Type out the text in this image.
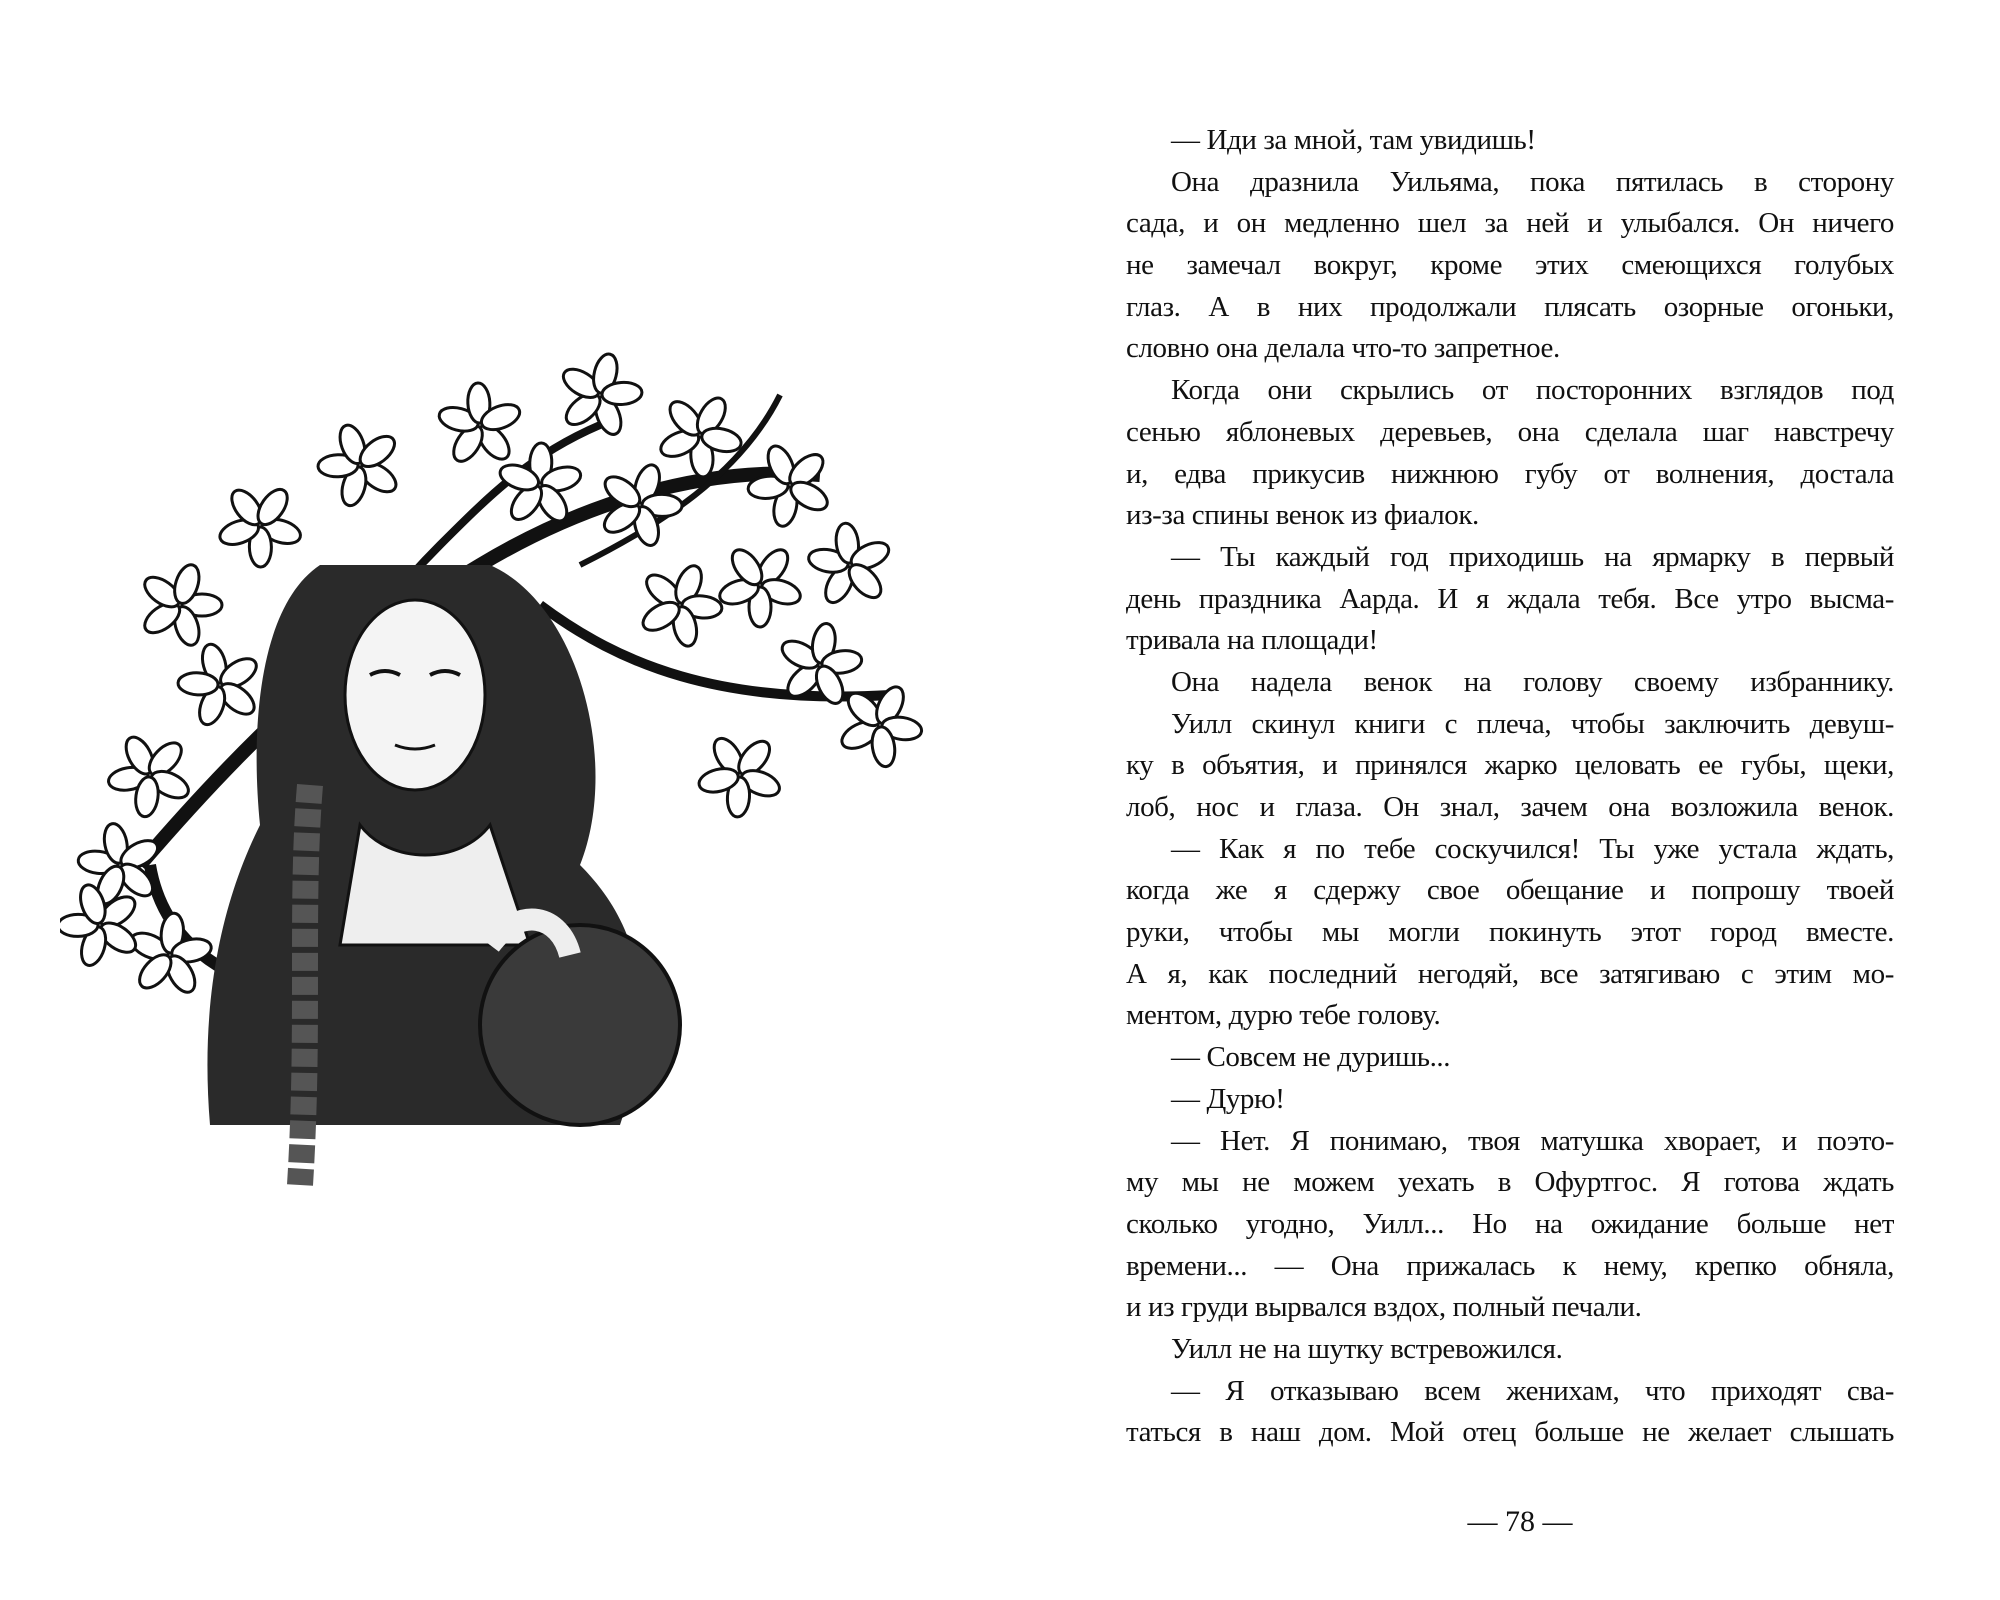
— Иди за мной, там увидишь!
Она дразнила Уильяма, пока пятилась в сторону
сада, и он медленно шел за ней и улыбался. Он ничего
не замечал вокруг, кроме этих смеющихся голубых
глаз. А в них продолжали плясать озорные огоньки,
словно она делала что-то запретное.
Когда они скрылись от посторонних взглядов под
сенью яблоневых деревьев, она сделала шаг навстречу
и, едва прикусив нижнюю губу от волнения, достала
из-за спины венок из фиалок.
— Ты каждый год приходишь на ярмарку в первый
день праздника Аарда. И я ждала тебя. Все утро высма-
тривала на площади!
Она надела венок на голову своему избраннику.
Уилл скинул книги с плеча, чтобы заключить девуш-
ку в объятия, и принялся жарко целовать ее губы, щеки,
лоб, нос и глаза. Он знал, зачем она возложила венок.
— Как я по тебе соскучился! Ты уже устала ждать,
когда же я сдержу свое обещание и попрошу твоей
руки, чтобы мы могли покинуть этот город вместе.
А я, как последний негодяй, все затягиваю с этим мо-
ментом, дурю тебе голову.
— Совсем не дуришь...
— Дурю!
— Нет. Я понимаю, твоя матушка хворает, и поэто-
му мы не можем уехать в Офуртгос. Я готова ждать
сколько угодно, Уилл... Но на ожидание больше нет
времени... — Она прижалась к нему, крепко обняла,
и из груди вырвался вздох, полный печали.
Уилл не на шутку встревожился.
— Я отказываю всем женихам, что приходят сва-
таться в наш дом. Мой отец больше не желает слышать
— 78 —
